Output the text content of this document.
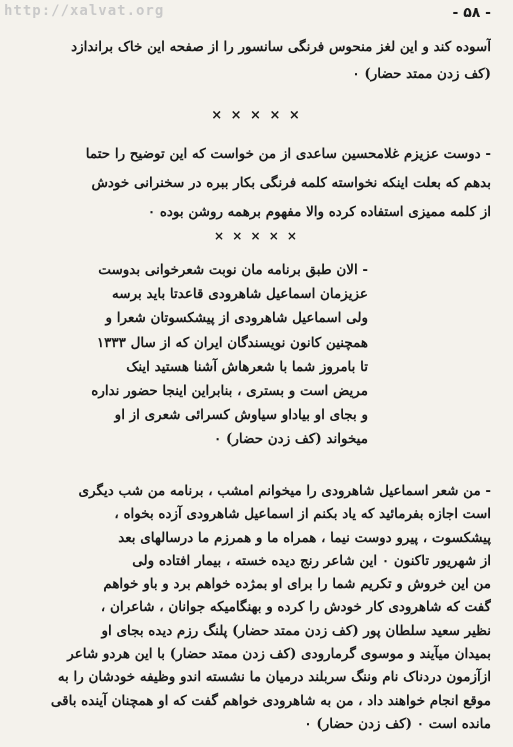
http://xalvat.org	- ۵۸ -
آسوده کند و این لغز منحوس فرنگی سانسور را از صفحه این خاک براندازد
(کف زدن ممتد حضار) ۰
× × × × ×
- دوست عزیزم غلامحسین ساعدی از من خواست که این توضیح را حتما
بدهم که بعلت اینکه نخواسته کلمه فرنگی بکار ببره در سخنرانی خودش
از کلمه ممیزی استفاده کرده والا مفهوم برهمه روشن بوده ۰
× × × × ×
- الان طبق برنامه مان نوبت شعرخوانی بدوست
عزیزمان اسماعیل شاهرودی قاعدتا باید برسه
ولی اسماعیل شاهرودی از پیشکسوتان شعرا و
همچنین کانون نویسندگان ایران که از سال ۱۳۳۳
تا بامروز شما با شعرهاش آشنا هستید اینک
مریض است و بستری ، بنابراین اینجا حضور نداره
و بجای او بیاداو سیاوش کسرائی شعری از او
میخواند (کف زدن حضار) ۰
- من شعر اسماعیل شاهرودی را میخوانم امشب ، برنامه من شب دیگری
است اجازه بفرمائید که یاد بکنم از اسماعیل شاهرودی آزده بخواه ،
پیشکسوت ، پیرو دوست نیما ، همراه ما و همرزم ما درسالهای بعد
از شهریور تاکنون ۰ این شاعر رنج دیده خسته ، بیمار افتاده ولی
من این خروش و تکریم شما را برای او بمژده خواهم برد و باو خواهم
گفت که شاهرودی کار خودش را کرده و بهنگامیکه جوانان ، شاعران ،
نظیر سعید سلطان پور (کف زدن ممتد حضار) پلنگ رزم دیده بجای او
بمیدان میآیند و موسوی گرمارودی (کف زدن ممتد حضار) با این هردو شاعر
ازآزمون دردناک نام وننگ سربلند درمیان ما نشسته اندو وظیفه خودشان را به
موقع انجام خواهند داد ، من به شاهرودی خواهم گفت که او همچنان آینده باقی
مانده است ۰ (کف زدن حضار) ۰
